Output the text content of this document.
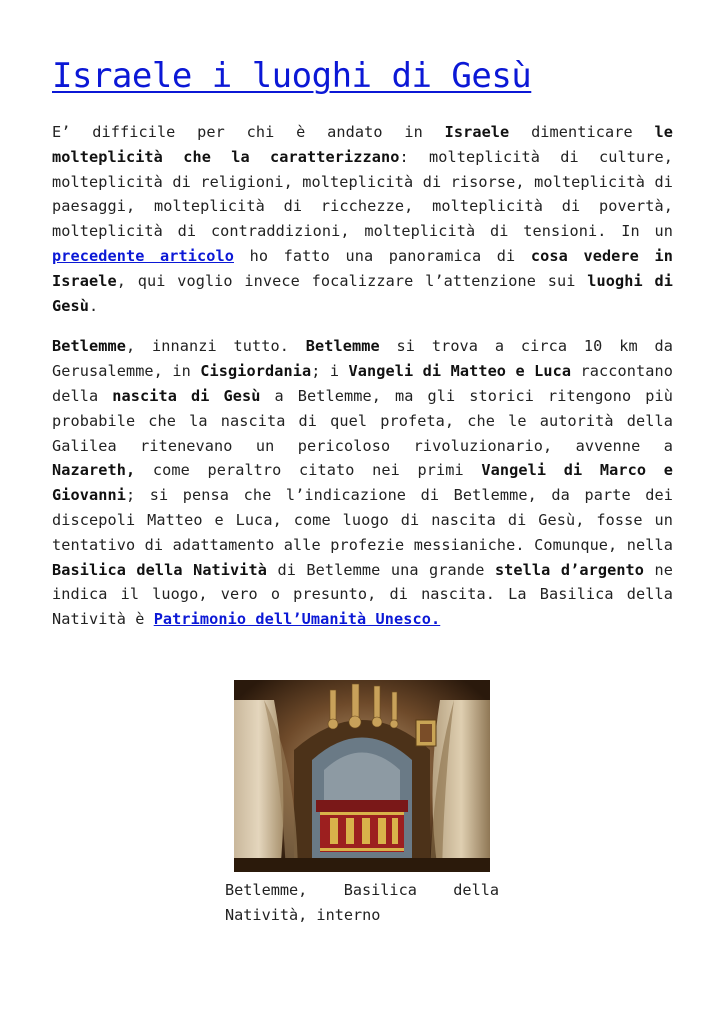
Israele i luoghi di Gesù

E’ difficile per chi è andato in Israele dimenticare le molteplicità che la caratterizzano: molteplicità di culture, molteplicità di religioni, molteplicità di risorse, molteplicità di paesaggi, molteplicità di ricchezze, molteplicità di povertà, molteplicità di contraddizioni, molteplicità di tensioni. In un precedente articolo ho fatto una panoramica di cosa vedere in Israele, qui voglio invece focalizzare l’attenzione sui luoghi di Gesù.

Betlemme, innanzi tutto. Betlemme si trova a circa 10 km da Gerusalemme, in Cisgiordania; i Vangeli di Matteo e Luca raccontano della nascita di Gesù a Betlemme, ma gli storici ritengono più probabile che la nascita di quel profeta, che le autorità della Galilea ritenevano un pericoloso rivoluzionario, avvenne a Nazareth, come peraltro citato nei primi Vangeli di Marco e Giovanni; si pensa che l’indicazione di Betlemme, da parte dei discepoli Matteo e Luca, come luogo di nascita di Gesù, fosse un tentativo di adattamento alle profezie messianiche. Comunque, nella Basilica della Natività di Betlemme una grande stella d’argento ne indica il luogo, vero o presunto, di nascita. La Basilica della Natività è Patrimonio dell’Umanità Unesco.

Betlemme, Basilica della Natività, interno
